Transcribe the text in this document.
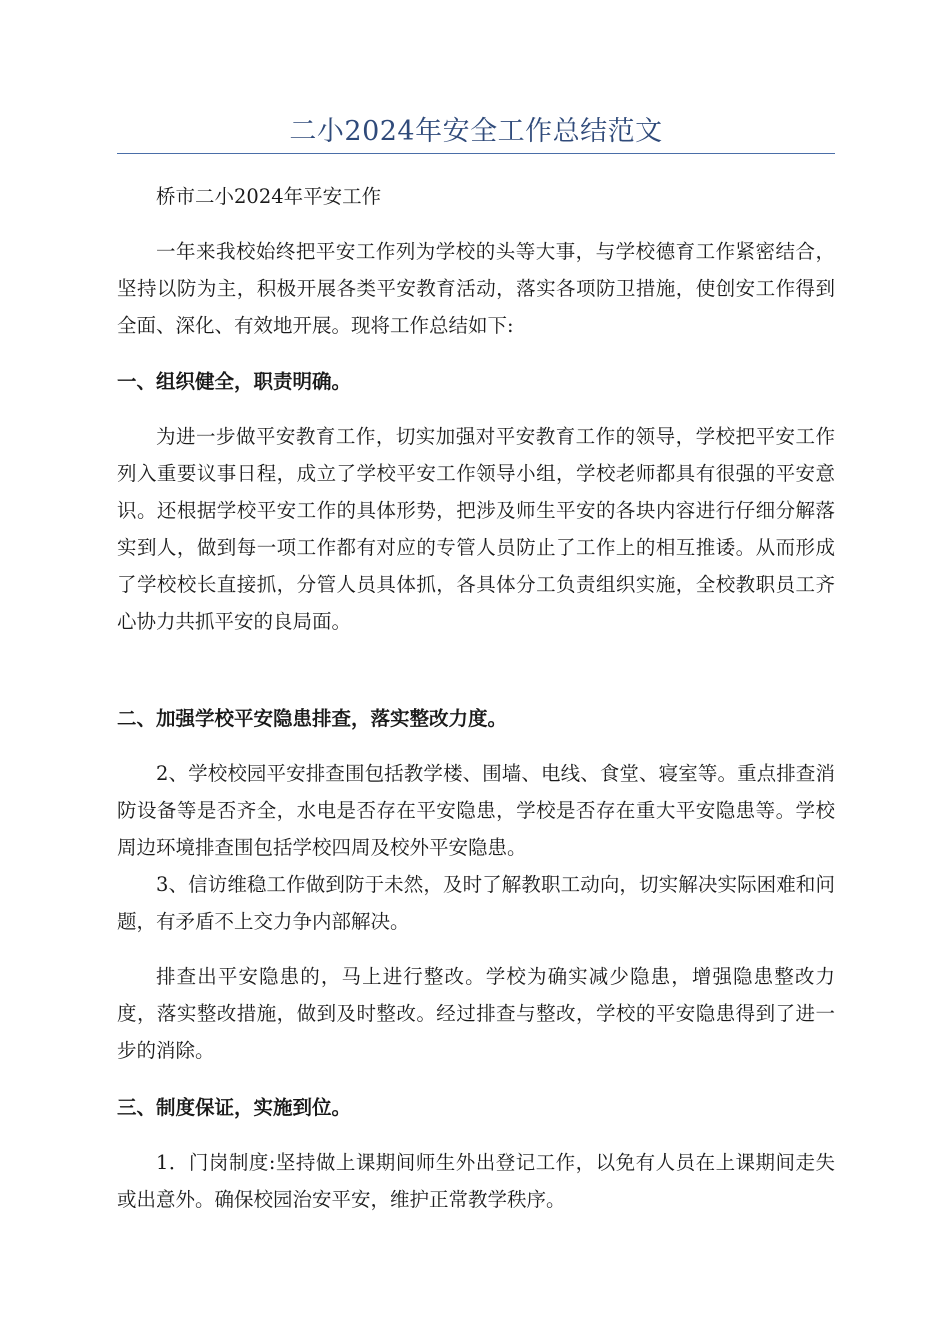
二小2024年安全工作总结范文

桥市二小2024年平安工作

一年来我校始终把平安工作列为学校的头等大事，与学校德育工作紧密结合，坚持以防为主，积极开展各类平安教育活动，落实各项防卫措施，使创安工作得到全面、深化、有效地开展。现将工作总结如下:

一、组织健全，职责明确。

为进一步做平安教育工作，切实加强对平安教育工作的领导，学校把平安工作列入重要议事日程，成立了学校平安工作领导小组，学校老师都具有很强的平安意识。还根据学校平安工作的具体形势，把涉及师生平安的各块内容进行仔细分解落实到人，做到每一项工作都有对应的专管人员防止了工作上的相互推诿。从而形成了学校校长直接抓，分管人员具体抓，各具体分工负责组织实施，全校教职员工齐心协力共抓平安的良局面。

二、加强学校平安隐患排查，落实整改力度。

2、学校校园平安排查围包括教学楼、围墙、电线、食堂、寝室等。重点排查消防设备等是否齐全，水电是否存在平安隐患，学校是否存在重大平安隐患等。学校周边环境排查围包括学校四周及校外平安隐患。

3、信访维稳工作做到防于未然，及时了解教职工动向，切实解决实际困难和问题，有矛盾不上交力争内部解决。

排查出平安隐患的，马上进行整改。学校为确实减少隐患，增强隐患整改力度，落实整改措施，做到及时整改。经过排查与整改，学校的平安隐患得到了进一步的消除。

三、制度保证，实施到位。

1．门岗制度:坚持做上课期间师生外出登记工作，以免有人员在上课期间走失或出意外。确保校园治安平安，维护正常教学秩序。
